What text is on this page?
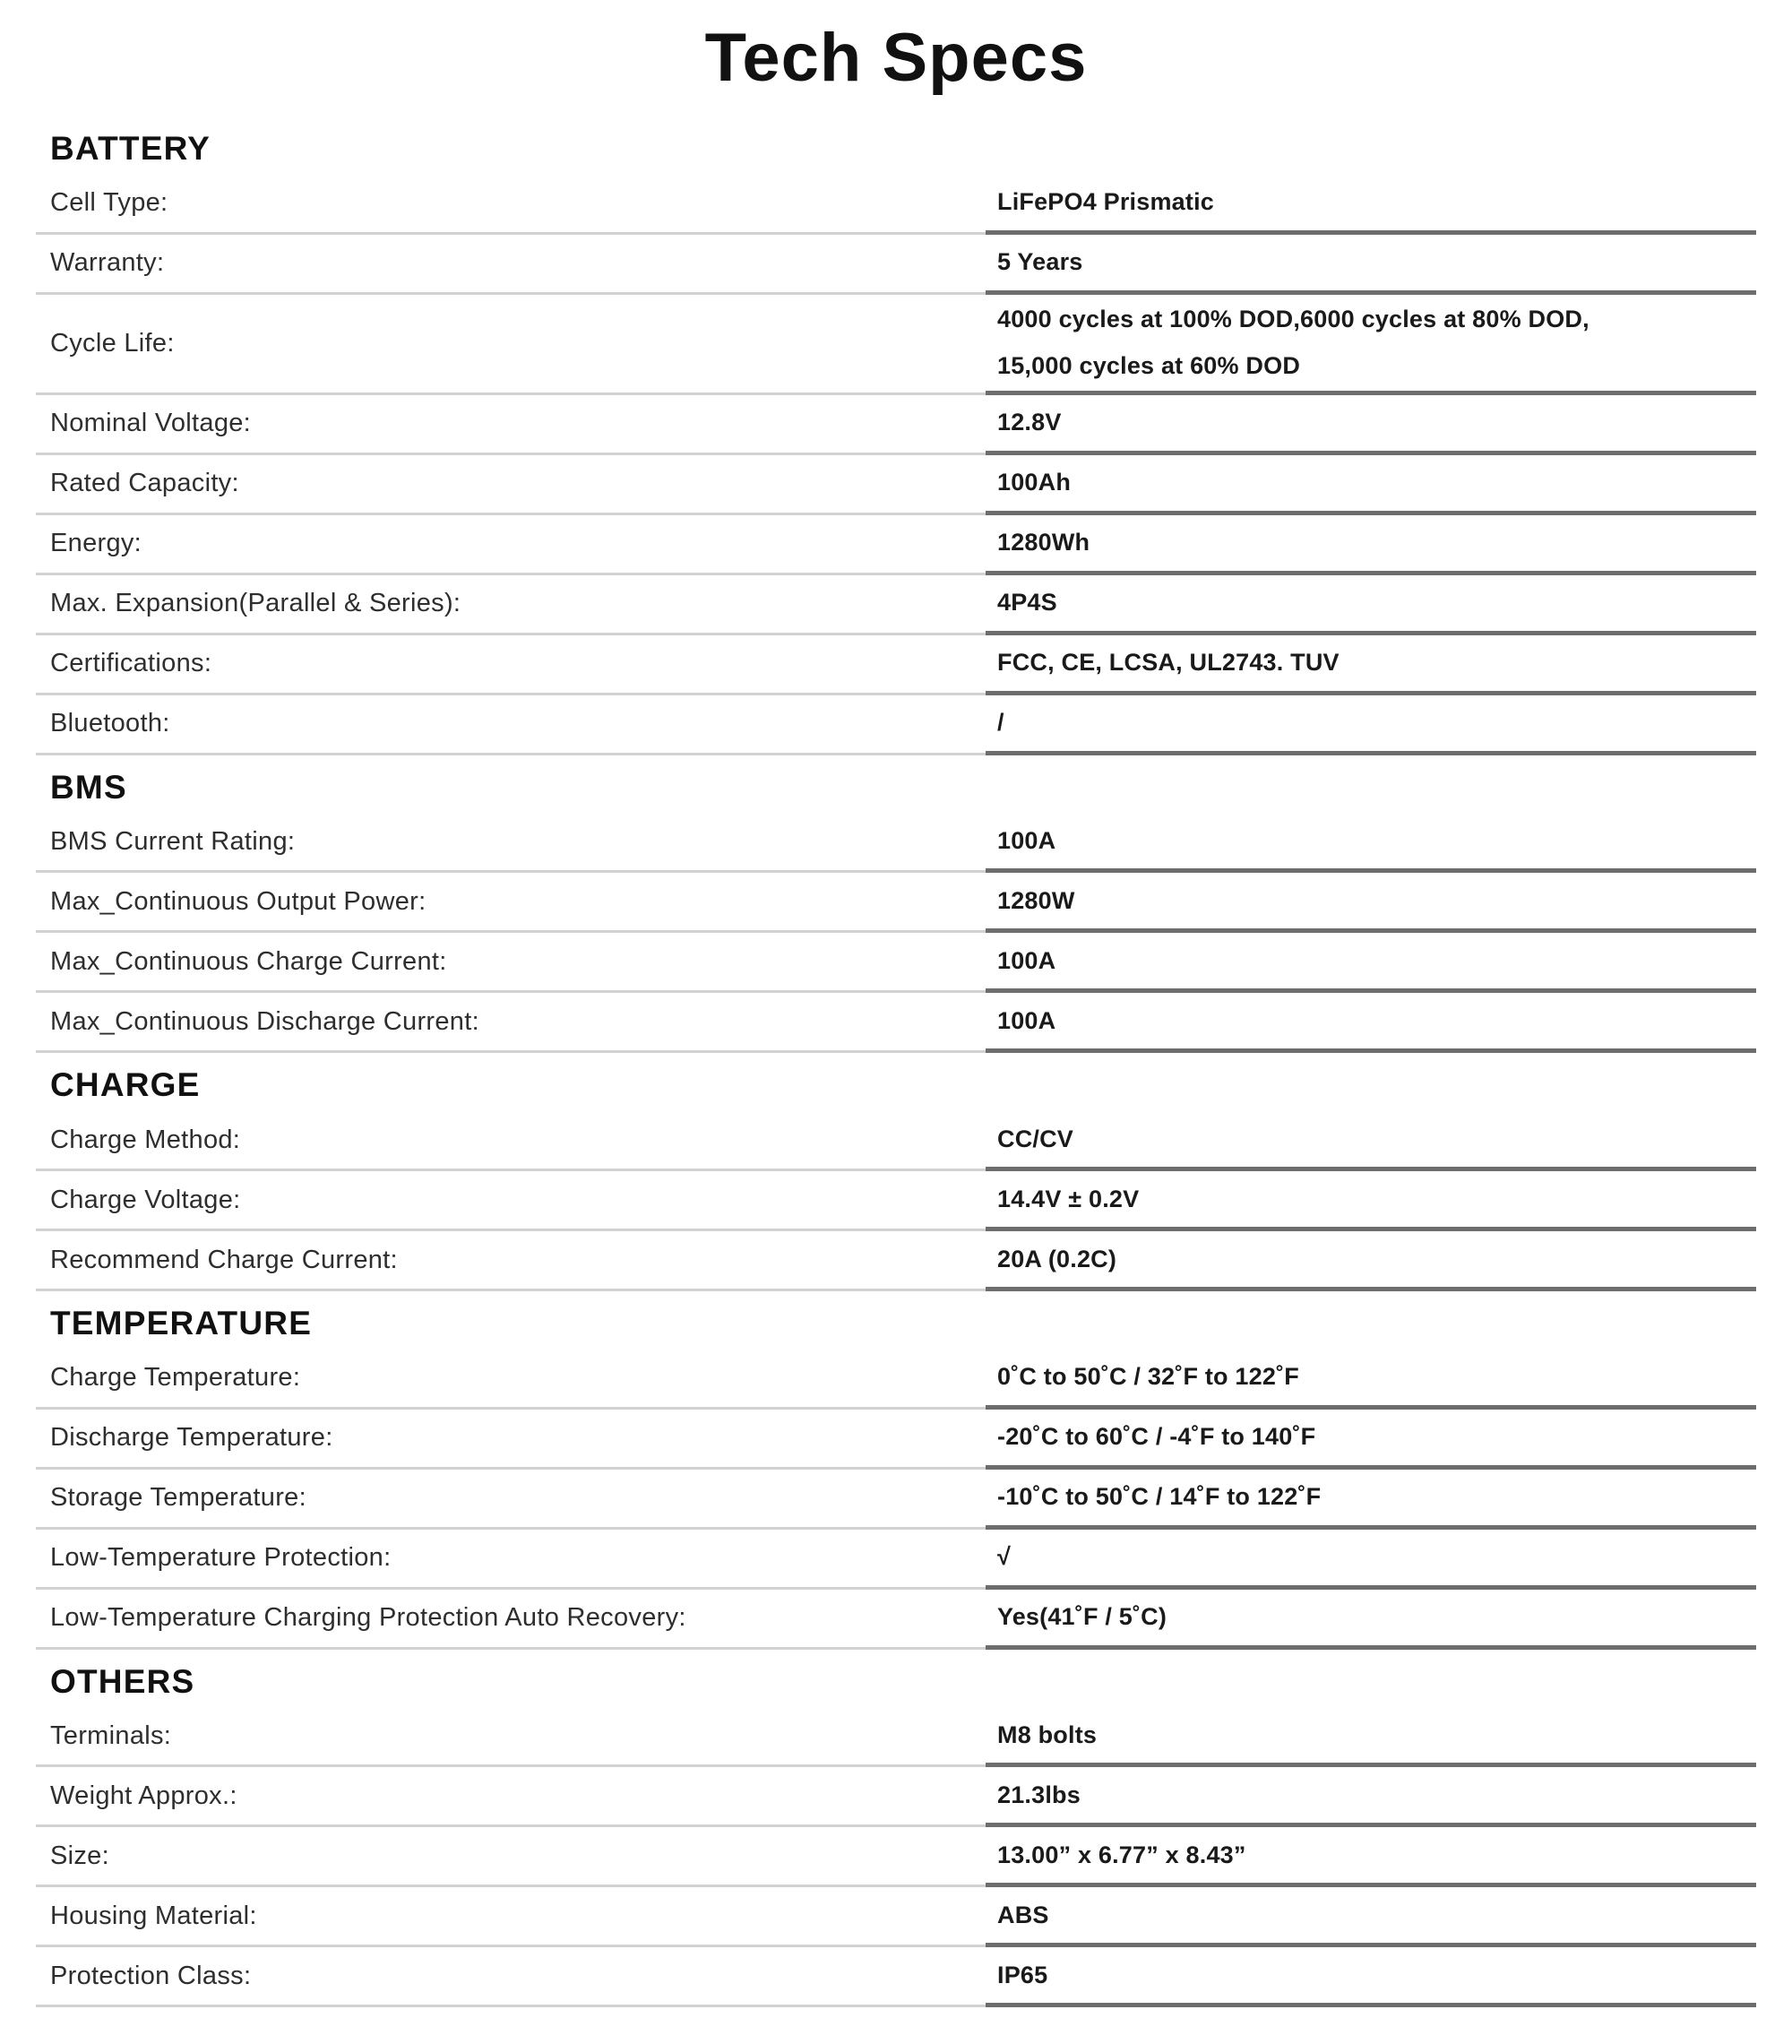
Tech Specs
BATTERY
Cell Type:	LiFePO4 Prismatic
Warranty:	5 Years
Cycle Life:
4000 cycles at 100% DOD,6000 cycles at 80% DOD,
15,000 cycles at 60% DOD
Nominal Voltage:	12.8V
Rated Capacity:	100Ah
Energy:	1280Wh
Max. Expansion(Parallel & Series):	4P4S
Certifications:	FCC, CE, LCSA, UL2743. TUV
Bluetooth:	/
BMS
BMS Current Rating:	100A
Max_Continuous Output Power:	1280W
Max_Continuous Charge Current:	100A
Max_Continuous Discharge Current:	100A
CHARGE
Charge Method:	CC/CV
Charge Voltage:	14.4V ± 0.2V
Recommend Charge Current:	20A (0.2C)
TEMPERATURE
Charge Temperature:	0˚C to 50˚C / 32˚F to 122˚F
Discharge Temperature:	-20˚C to 60˚C / -4˚F to 140˚F
Storage Temperature:	-10˚C to 50˚C / 14˚F to 122˚F
Low-Temperature Protection:	√
Low-Temperature Charging Protection Auto Recovery:	Yes(41˚F / 5˚C)
OTHERS
Terminals:	M8 bolts
Weight Approx.:	21.3lbs
Size:	13.00” x 6.77” x 8.43”
Housing Material:	ABS
Protection Class:	IP65
